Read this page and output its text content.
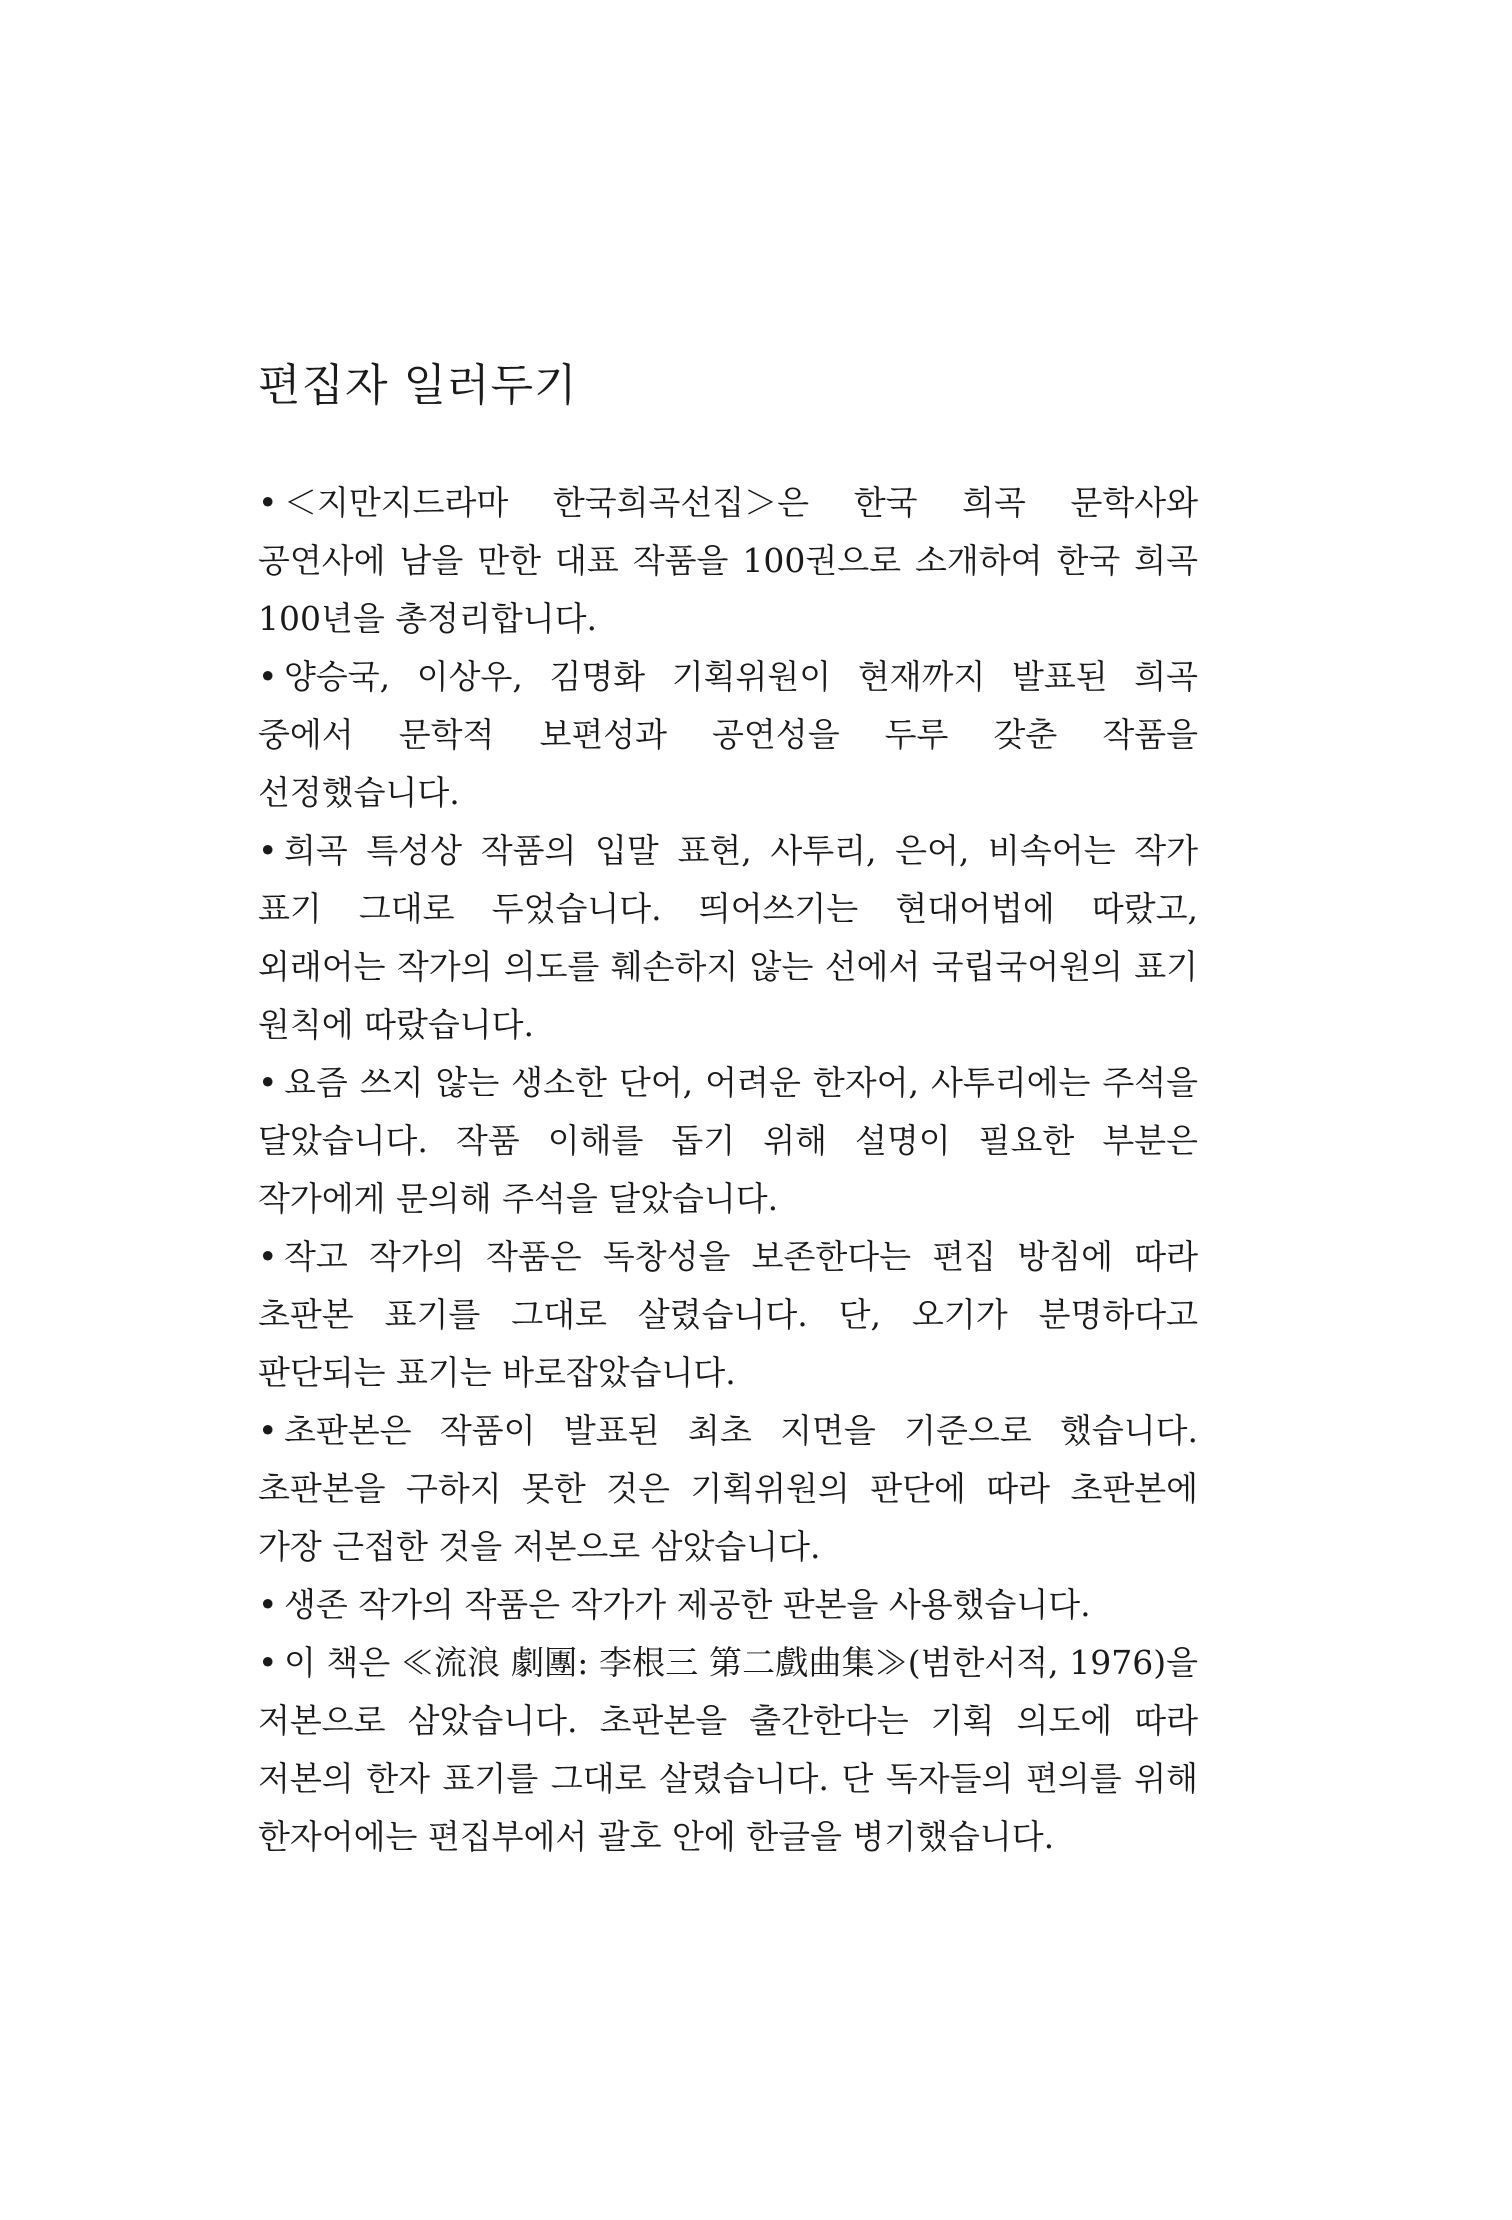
편집자 일러두기
• ＜지만지드라마 한국희곡선집＞은 한국 희곡 문학사와 공연사에 남을 만한 대표 작품을 100권으로 소개하여 한국 희곡 100년을 총정리합니다.
• 양승국, 이상우, 김명화 기획위원이 현재까지 발표된 희곡 중에서 문학적 보편성과 공연성을 두루 갖춘 작품을 선정했습니다.
• 희곡 특성상 작품의 입말 표현, 사투리, 은어, 비속어는 작가 표기 그대로 두었습니다. 띄어쓰기는 현대어법에 따랐고, 외래어는 작가의 의도를 훼손하지 않는 선에서 국립국어원의 표기 원칙에 따랐습니다.
• 요즘 쓰지 않는 생소한 단어, 어려운 한자어, 사투리에는 주석을 달았습니다. 작품 이해를 돕기 위해 설명이 필요한 부분은 작가에게 문의해 주석을 달았습니다.
• 작고 작가의 작품은 독창성을 보존한다는 편집 방침에 따라 초판본 표기를 그대로 살렸습니다. 단, 오기가 분명하다고 판단되는 표기는 바로잡았습니다.
• 초판본은 작품이 발표된 최초 지면을 기준으로 했습니다. 초판본을 구하지 못한 것은 기획위원의 판단에 따라 초판본에 가장 근접한 것을 저본으로 삼았습니다.
• 생존 작가의 작품은 작가가 제공한 판본을 사용했습니다.
• 이 책은 ≪流浪 劇團: 李根三 第二戲曲集≫(범한서적, 1976)을 저본으로 삼았습니다. 초판본을 출간한다는 기획 의도에 따라 저본의 한자 표기를 그대로 살렸습니다. 단 독자들의 편의를 위해 한자어에는 편집부에서 괄호 안에 한글을 병기했습니다.
